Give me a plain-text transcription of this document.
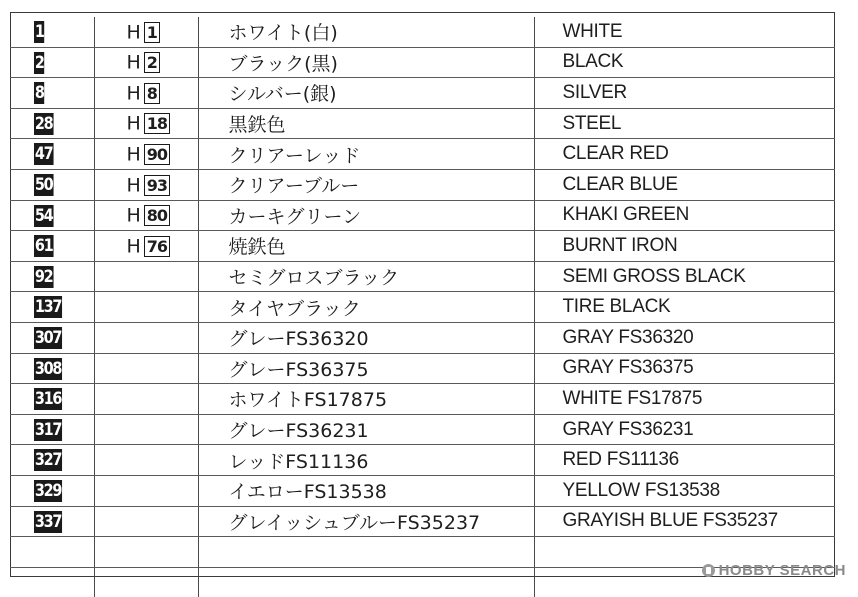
1	H 1	ホワイト(白)	WHITE
2	H 2	ブラック(黒)	BLACK
8	H 8	シルバー(銀)	SILVER
28	H 18	黒鉄色	STEEL
47	H 90	クリアーレッド	CLEAR RED
50	H 93	クリアーブルー	CLEAR BLUE
54	H 80	カーキグリーン	KHAKI GREEN
61	H 76	焼鉄色	BURNT IRON
92		セミグロスブラック	SEMI GROSS BLACK
137		タイヤブラック	TIRE BLACK
307		グレーFS36320	GRAY FS36320
308		グレーFS36375	GRAY FS36375
316		ホワイトFS17875	WHITE FS17875
317		グレーFS36231	GRAY FS36231
327		レッドFS11136	RED FS11136
329		イエローFS13538	YELLOW FS13538
337		グレイッシュブルーFS35237	GRAYISH BLUE FS35237

HOBBY SEARCH
